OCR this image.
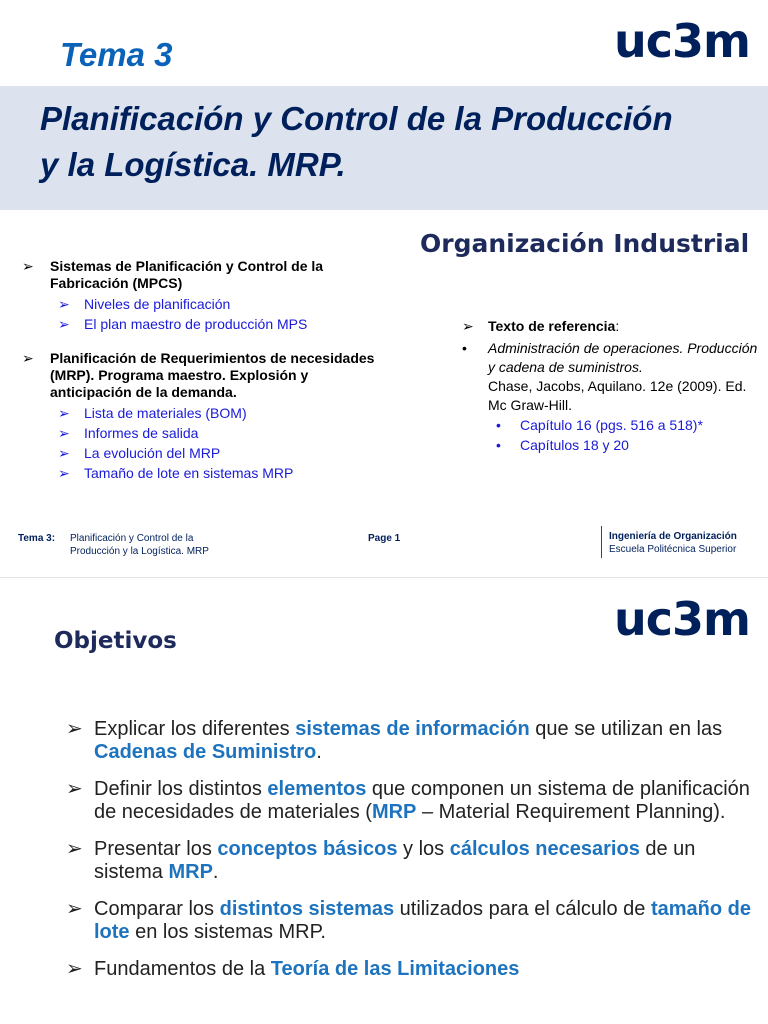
Tema 3	uc3m
Planificación y Control de la Producción
y la Logística. MRP.
Organización Industrial
➢ Sistemas de Planificación y Control de la Fabricación (MPCS)
➢ Niveles de planificación
➢ El plan maestro de producción MPS
➢ Planificación de Requerimientos de necesidades (MRP). Programa maestro. Explosión y anticipación de la demanda.
➢ Lista de materiales (BOM)
➢ Informes de salida
➢ La evolución del MRP
➢ Tamaño de lote en sistemas MRP
➢ Texto de referencia:
• Administración de operaciones. Producción y cadena de suministros.
Chase, Jacobs, Aquilano. 12e (2009). Ed. Mc Graw-Hill.
• Capítulo 16 (pgs. 516 a 518)*
• Capítulos 18 y 20
Tema 3: Planificación y Control de la
Producción y la Logística. MRP
Page 1	Ingeniería de Organización
Escuela Politécnica Superior
uc3m
Objetivos
➢ Explicar los diferentes sistemas de información que se utilizan en las Cadenas de Suministro.
➢ Definir los distintos elementos que componen un sistema de planificación de necesidades de materiales (MRP – Material Requirement Planning).
➢ Presentar los conceptos básicos y los cálculos necesarios de un sistema MRP.
➢ Comparar los distintos sistemas utilizados para el cálculo de tamaño de lote en los sistemas MRP.
➢ Fundamentos de la Teoría de las Limitaciones
